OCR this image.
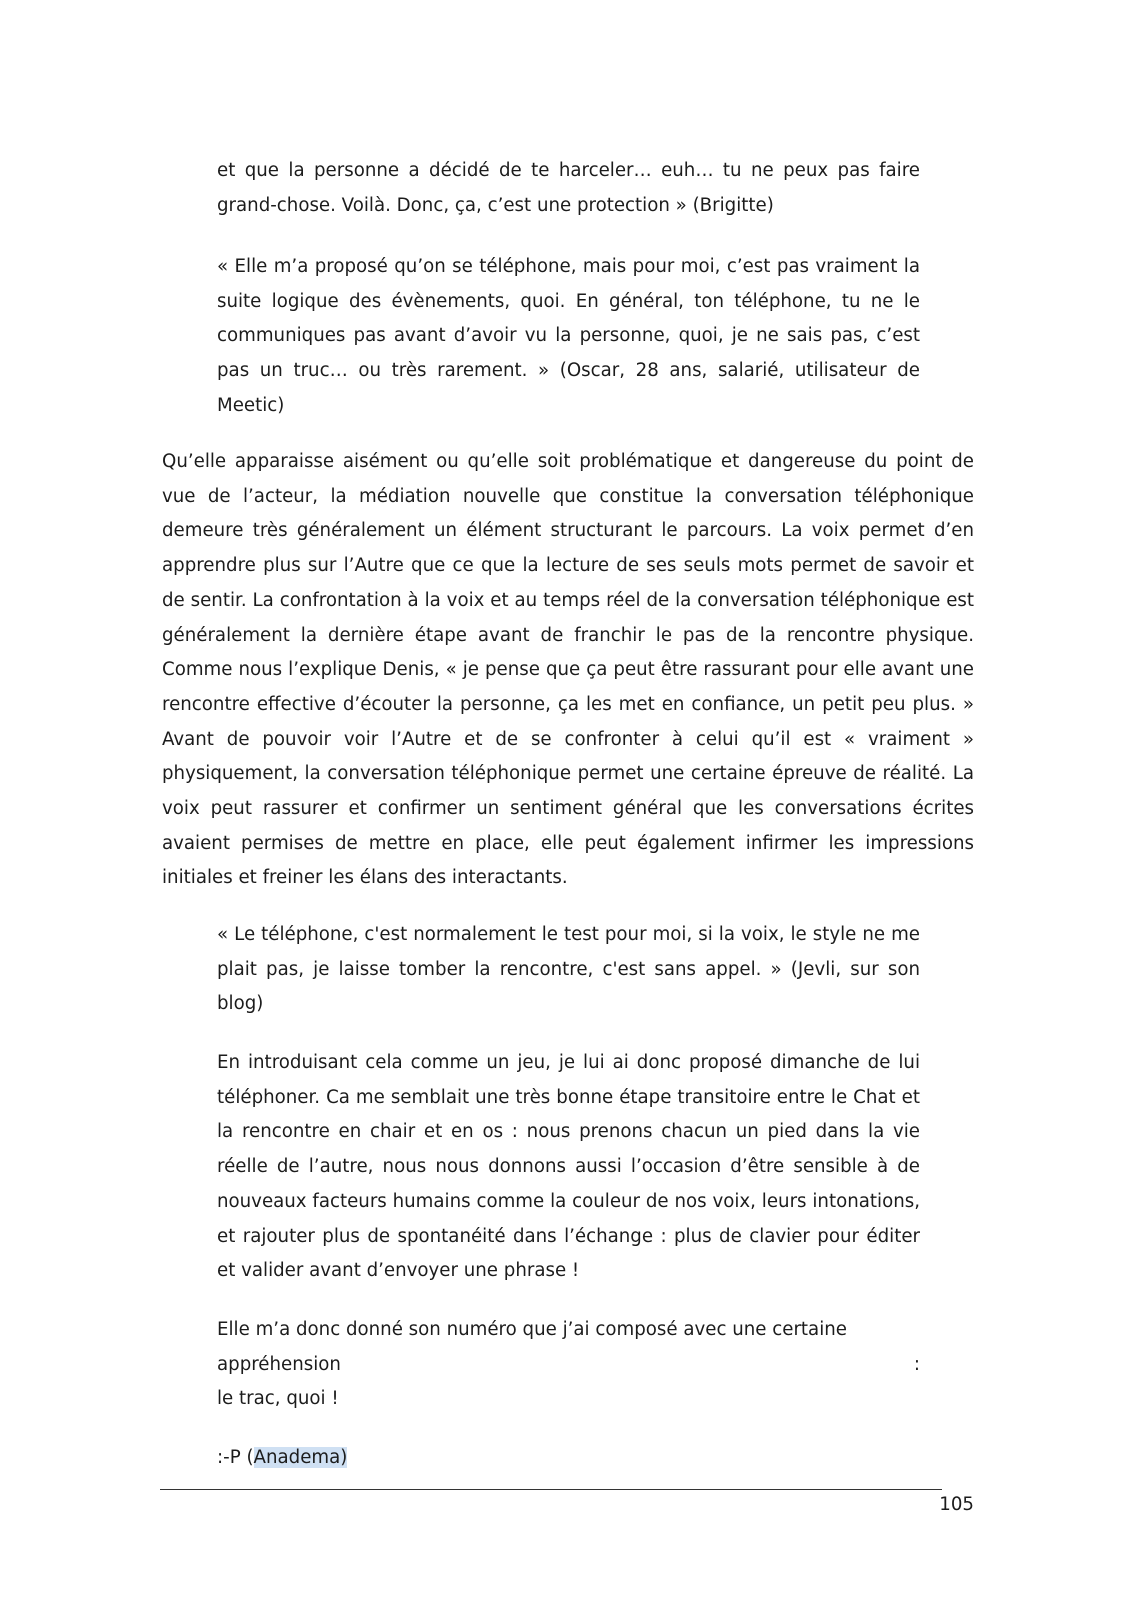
et que la personne a décidé de te harceler… euh… tu ne peux pas faire grand-chose. Voilà. Donc, ça, c’est une protection » (Brigitte)

« Elle m’a proposé qu’on se téléphone, mais pour moi, c’est pas vraiment la suite logique des évènements, quoi. En général, ton téléphone, tu ne le communiques pas avant d’avoir vu la personne, quoi, je ne sais pas, c’est pas un truc… ou très rarement. » (Oscar, 28 ans, salarié, utilisateur de Meetic)

Qu’elle apparaisse aisément ou qu’elle soit problématique et dangereuse du point de vue de l’acteur, la médiation nouvelle que constitue la conversation téléphonique demeure très généralement un élément structurant le parcours. La voix permet d’en apprendre plus sur l’Autre que ce que la lecture de ses seuls mots permet de savoir et de sentir. La confrontation à la voix et au temps réel de la conversation téléphonique est généralement la dernière étape avant de franchir le pas de la rencontre physique. Comme nous l’explique Denis, « je pense que ça peut être rassurant pour elle avant une rencontre effective d’écouter la personne, ça les met en confiance, un petit peu plus. » Avant de pouvoir voir l’Autre et de se confronter à celui qu’il est « vraiment » physiquement, la conversation téléphonique permet une certaine épreuve de réalité. La voix peut rassurer et confirmer un sentiment général que les conversations écrites avaient permises de mettre en place, elle peut également infirmer les impressions initiales et freiner les élans des interactants.

« Le téléphone, c'est normalement le test pour moi, si la voix, le style ne me plait pas, je laisse tomber la rencontre, c'est sans appel. » (Jevli, sur son blog)

En introduisant cela comme un jeu, je lui ai donc proposé dimanche de lui téléphoner. Ca me semblait une très bonne étape transitoire entre le Chat et la rencontre en chair et en os : nous prenons chacun un pied dans la vie réelle de l’autre, nous nous donnons aussi l’occasion d’être sensible à de nouveaux facteurs humains comme la couleur de nos voix, leurs intonations, et rajouter plus de spontanéité dans l’échange : plus de clavier pour éditer et valider avant d’envoyer une phrase !

Elle m’a donc donné son numéro que j’ai composé avec une certaine

appréhension	:

le trac, quoi !

:-P (Anadema)

105
